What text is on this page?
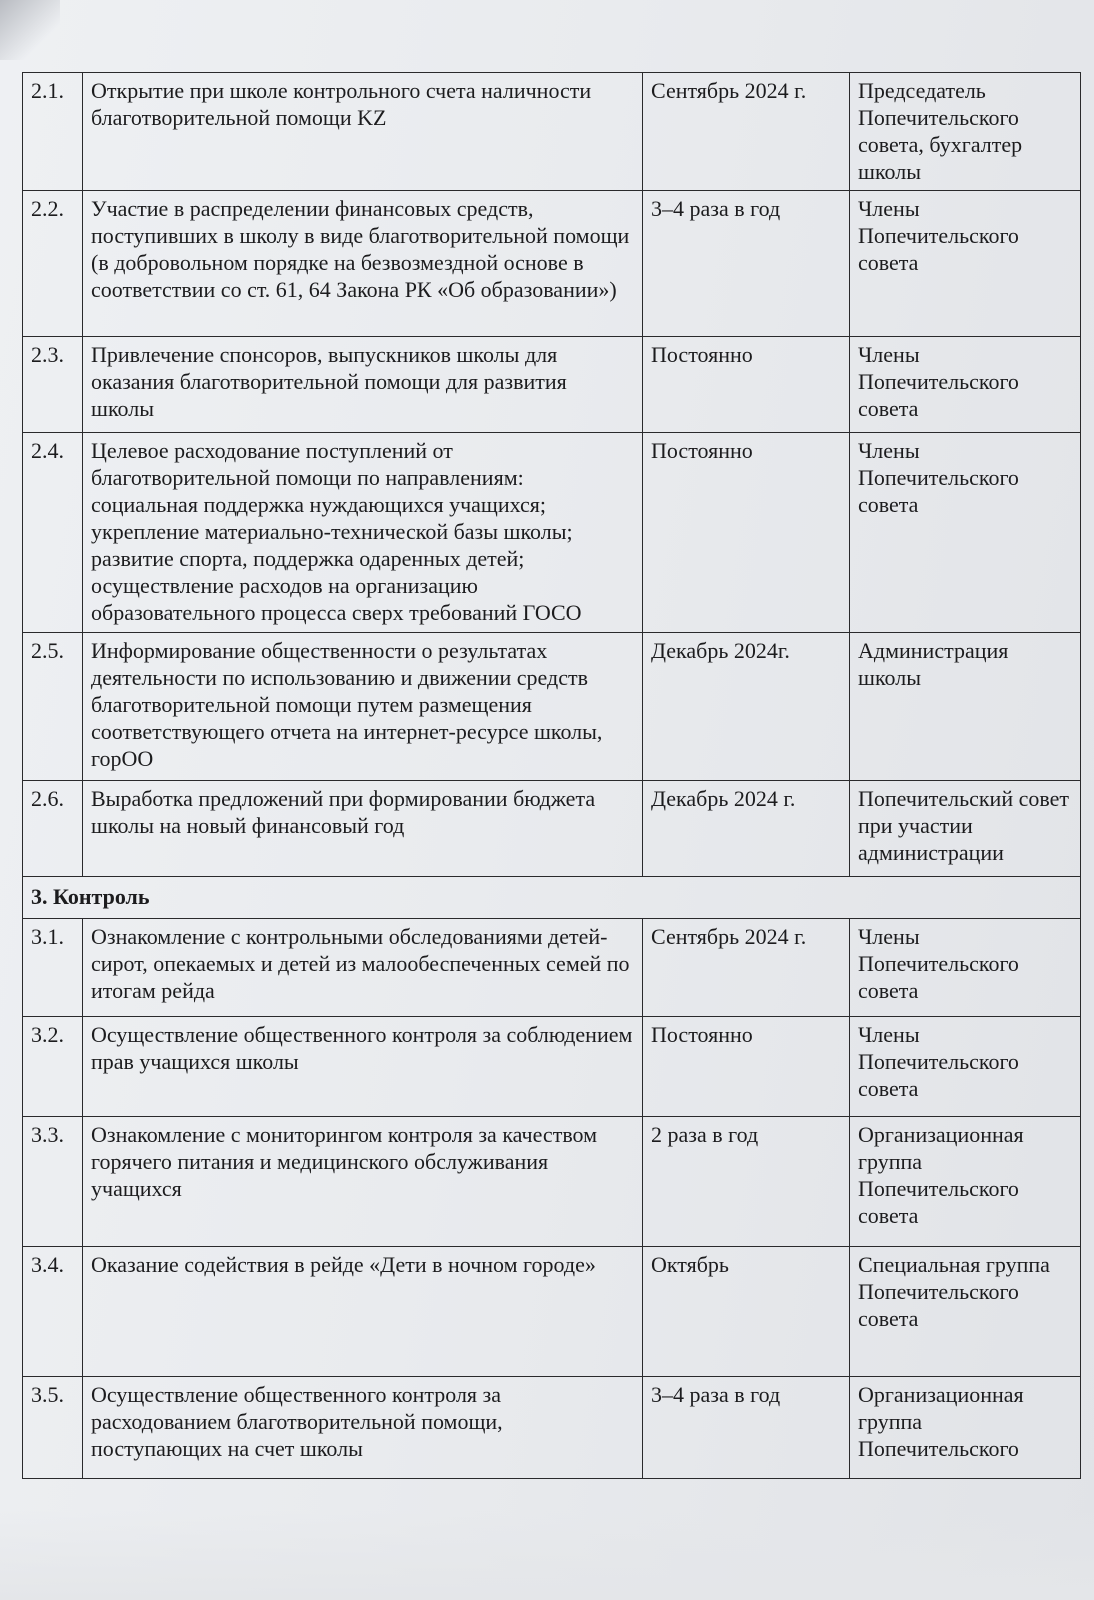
2.1.	Открытие при школе контрольного счета наличности благотворительной помощи KZ	Сентябрь 2024 г.	Председатель Попечительского совета, бухгалтер школы
2.2.	Участие в распределении финансовых средств, поступивших в школу в виде благотворительной помощи (в добровольном порядке на безвозмездной основе в соответствии со ст. 61, 64 Закона РК «Об образовании»)	3–4 раза в год	Члены Попечительского совета
2.3.	Привлечение спонсоров, выпускников школы для оказания благотворительной помощи для развития школы	Постоянно	Члены Попечительского совета
2.4.	Целевое расходование поступлений от благотворительной помощи по направлениям: социальная поддержка нуждающихся учащихся; укрепление материально-технической базы школы; развитие спорта, поддержка одаренных детей; осуществление расходов на организацию образовательного процесса сверх требований ГОСО	Постоянно	Члены Попечительского совета
2.5.	Информирование общественности о результатах деятельности по использованию и движении средств благотворительной помощи путем размещения соответствующего отчета на интернет-ресурсе школы, горОО	Декабрь 2024г.	Администрация школы
2.6.	Выработка предложений при формировании бюджета школы на новый финансовый год	Декабрь 2024 г.	Попечительский совет при участии администрации
3. Контроль			
3.1.	Ознакомление с контрольными обследованиями детей-сирот, опекаемых и детей из малообеспеченных семей по итогам рейда	Сентябрь 2024 г.	Члены Попечительского совета
3.2.	Осуществление общественного контроля за соблюдением прав учащихся школы	Постоянно	Члены Попечительского совета
3.3.	Ознакомление с мониторингом контроля за качеством горячего питания и медицинского обслуживания учащихся	2 раза в год	Организационная группа Попечительского совета
3.4.	Оказание содействия в рейде «Дети в ночном городе»	Октябрь	Специальная группа Попечительского совета
3.5.	Осуществление общественного контроля за расходованием благотворительной помощи, поступающих на счет школы	3–4 раза в год	Организационная группа Попечительского
